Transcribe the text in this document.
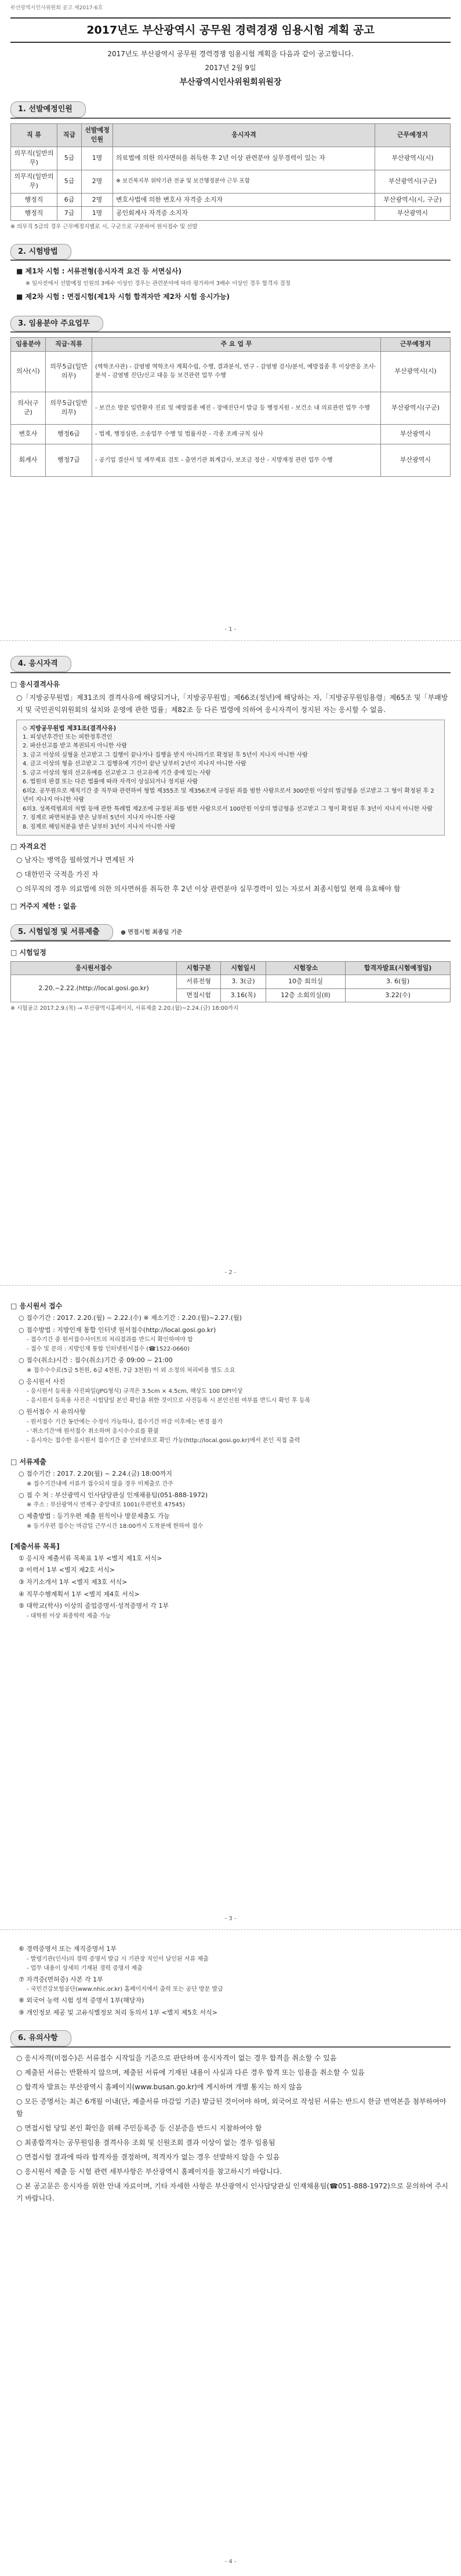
부산광역시인사위원회 공고 제2017-6호
2017년도 부산광역시 공무원 경력경쟁 임용시험 계획 공고
2017년도 부산광역시 공무원 경력경쟁 임용시험 계획을 다음과 같이 공고합니다.
2017년 2월 9일
부산광역시인사위원회위원장
1. 선발예정인원
직 류	직급	선발예정인원	응시자격	근무예정지
의무직(일반의무)	5급	1명	의료법에 의한 의사면허를 취득한 후 2년 이상 관련분야 실무경력이 있는 자	부산광역시(시)
의무직(일반의무)	5급	2명	※ 보건복지부 위탁기관 전공 및 보건행정분야 근무 포함	부산광역시(구군)
행정직	6급	2명	변호사법에 의한 변호사 자격증 소지자	부산광역시(시, 구군)
행정직	7급	1명	공인회계사 자격증 소지자	부산광역시
※ 의무직 5급의 경우 근무예정지별로 시, 구군으로 구분하여 원서접수 및 선발
2. 시험방법
■ 제1차 시험 : 서류전형(응시자격 요건 등 서면심사)
※ 임사전에서 선발예정 인원의 3배수 이상인 경우는 관련분야에 따라 평가하여 3배수 이상인 경우 합격자 결정
■ 제2차 시험 : 면접시험(제1차 시험 합격자만 제2차 시험 응시가능)
3. 임용분야 주요업무
임용분야	직급·직류	주 요 업 무	근무예정지
의사(시)	의무5급(일반의무)	(역학조사관) - 감염병 역학조사 계획수립, 수행, 결과분석, 연구 - 감염병 검사/분석, 예방접종 후 이상반응 조사·분석 - 감염병 진단/신고 대응 등 보건관련 업무 수행	부산광역시(시)
의사(구군)	의무5급(일반의무)	- 보건소 방문 일반환자 진료 및 예방접종 예진 - 장애진단서 발급 등 행정지원 - 보건소 내 의료관련 업무 수행	부산광역시(구군)
변호사	행정6급	- 법제, 행정심판, 소송업무 수행 및 법률자문 - 각종 조례·규칙 심사	부산광역시
회계사	행정7급	- 공기업 결산서 및 재무제표 검토 - 출연기관 회계감사, 보조금 정산 - 지방재정 관련 업무 수행	부산광역시
- 1 -
4. 응시자격
□ 응시결격사유
○「지방공무원법」제31조의 결격사유에 해당되거나,「지방공무원법」제66조(정년)에 해당하는 자,「지방공무원임용령」제65조 및「부패방지 및 국민권익위원회의 설치와 운영에 관한 법률」제82조 등 다른 법령에 의하여 응시자격이 정지된 자는 응시할 수 없음.
◇ 지방공무원법 제31조(결격사유)
1. 피성년후견인 또는 피한정후견인
2. 파산선고를 받고 복권되지 아니한 사람
3. 금고 이상의 실형을 선고받고 그 집행이 끝나거나 집행을 받지 아니하기로 확정된 후 5년이 지나지 아니한 사람
4. 금고 이상의 형을 선고받고 그 집행유예 기간이 끝난 날부터 2년이 지나지 아니한 사람
5. 금고 이상의 형의 선고유예를 선고받고 그 선고유예 기간 중에 있는 사람
6. 법원의 판결 또는 다른 법률에 따라 자격이 상실되거나 정지된 사람
6의2. 공무원으로 재직기간 중 직무와 관련하여 형법 제355조 및 제356조에 규정된 죄를 범한 사람으로서 300만원 이상의 벌금형을 선고받고 그 형이 확정된 후 2년이 지나지 아니한 사람
6의3. 성폭력범죄의 처벌 등에 관한 특례법 제2조에 규정된 죄를 범한 사람으로서 100만원 이상의 벌금형을 선고받고 그 형이 확정된 후 3년이 지나지 아니한 사람
7. 징계로 파면처분을 받은 날부터 5년이 지나지 아니한 사람
8. 징계로 해임처분을 받은 날부터 3년이 지나지 아니한 사람
□ 자격요건
○ 남자는 병역을 필하였거나 면제된 자
○ 대한민국 국적을 가진 자
○ 의무직의 경우 의료법에 의한 의사면허를 취득한 후 2년 이상 관련분야 실무경력이 있는 자로서 최종시험일 현재 유효해야 함
□ 거주지 제한 : 없음
5. 시험일정 및 서류제출	● 면접시험 최종일 기준
□ 시험일정
응시원서접수	시험구분	시험일시	시험장소	합격자발표(시험예정일)
2.20.~2.22.(http://local.gosi.go.kr)	서류전형	3. 3(금)	10층 회의실	3. 6(월)
	면접시험	3.16(목)	12층 소회의실(II)	3.22(수)
※ 시험공고 2017.2.9.(목) → 부산광역시홈페이지, 서류제출 2.20.(월)~2.24.(금) 18:00까지
- 2 -
□ 응시원서 접수
○ 접수기간 : 2017. 2.20.(월) ~ 2.22.(수) ※ 제소기간 : 2.20.(월)~2.27.(월)
○ 접수방법 : 지방인재 통합 인터넷 원서접수(http://local.gosi.go.kr)
- 접수기간 중 원서접수사이트의 처리결과를 반드시 확인하여야 함
- 접수 및 문의 : 지방인재 통합 인터넷원서접수 (☎1522-0660)
○ 접수(취소)시간 : 접수(취소)기간 중 09:00 ~ 21:00
※ 접수수수료(5급 5천원, 6급 4천원, 7급 3천원) 이 외 소정의 처리비용 별도 소요
○ 응시원서 사진
- 응시원서 등록용 사진파일(JPG형식) 규격은 3.5cm × 4.5cm, 해상도 100 DPI이상
- 응시원서 등록용 사진은 시험당일 본인 확인을 위한 것이므로 사전등록 시 본인신원 여부를 반드시 확인 후 등록
○ 원서접수 시 유의사항
- 원서접수 기간 동안에는 수정이 가능하나, 접수기간 마감 이후에는 변경 불가
- '취소기간'에 원서접수 취소하며 응시수수료를 환불
- 응시자는 접수한 응시원서 접수기간 중 인터넷으로 확인 가능(http://local.gosi.go.kr)에서 본인 직접 출력
□ 서류제출
○ 접수기간 : 2017. 2.20(월) ~ 2.24.(금) 18:00까지
※ 접수기간내에 서류가 접수되지 않을 경우 미제출로 간주
○ 접 수 처 : 부산광역시 인사담당관실 인재채용팀(051-888-1972)
※ 주소 : 부산광역시 연제구 중앙대로 1001(우편번호 47545)
○ 제출방법 : 등기우편 제출 원칙이나 방문제출도 가능
※ 등기우편 접수는 마감일 근무시간 18:00까지 도착분에 한하여 접수
[제출서류 목록]
① 응시자 제출서류 목록표 1부 <별지 제1호 서식>
② 이력서 1부 <별지 제2호 서식>
③ 자기소개서 1부 <별지 제3호 서식>
④ 직무수행계획서 1부 <별지 제4호 서식>
⑤ 대학교(학사) 이상의 졸업증명서·성적증명서 각 1부
- 대학원 이상 최종학력 제출 가능
- 3 -
⑥ 경력증명서 또는 재직증명서 1부
- 발령기관(인사)의 경력 증명서 발급 시 기관장 직인이 날인된 서류 제출
- 업무 내용이 상세히 기재된 경력 증명서 제출
⑦ 자격증(면허증) 사본 각 1부
- 국민건강보험공단(www.nhic.or.kr) 홈페이지에서 출력 또는 공단 방문 발급
⑧ 외국어 능력 시험 성적 증명서 1부(해당자)
⑨ 개인정보 제공 및 고유식별정보 처리 동의서 1부 <별지 제5호 서식>
6. 유의사항
○ 응시자격(미접수)은 서류접수 시작일을 기준으로 판단하며 응시자격이 없는 경우 합격을 취소할 수 있음
○ 제출된 서류는 반환하지 않으며, 제출된 서류에 기재된 내용이 사실과 다른 경우 합격 또는 임용을 취소할 수 있음
○ 합격자 발표는 부산광역시 홈페이지(www.busan.go.kr)에 게시하며 개별 통지는 하지 않음
○ 모든 증명서는 최근 6개월 이내(단, 제출서류 마감일 기준) 발급된 것이어야 하며, 외국어로 작성된 서류는 반드시 한글 번역본을 첨부하여야 함
○ 면접시험 당일 본인 확인을 위해 주민등록증 등 신분증을 반드시 지참하여야 함
○ 최종합격자는 공무원임용 결격사유 조회 및 신원조회 결과 이상이 없는 경우 임용됨
○ 면접시험 결과에 따라 합격자를 결정하며, 적격자가 없는 경우 선발하지 않을 수 있음
○ 응시원서 제출 등 시험 관련 세부사항은 부산광역시 홈페이지를 참고하시기 바랍니다.
○ 본 공고문은 응시자를 위한 안내 자료이며, 기타 자세한 사항은 부산광역시 인사담당관실 인재채용팀(☎051-888-1972)으로 문의하여 주시기 바랍니다.
- 4 -
